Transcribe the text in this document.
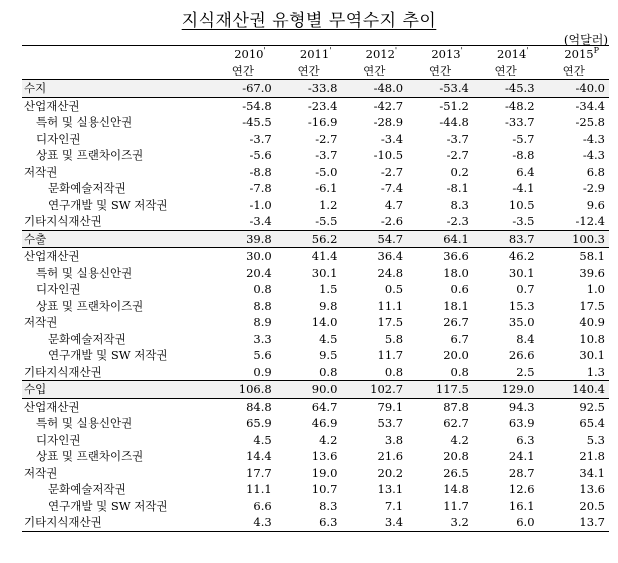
지식재산권 유형별 무역수지 추이
(억달러)
	2010'	2011'	2012'	2013'	2014'	$2015^P$
	연간	연간	연간	연간	연간	연간
수지	-67.0	-33.8	-48.0	-53.4	-45.3	-40.0
산업재산권	-54.8	-23.4	-42.7	-51.2	-48.2	-34.4
특허 및 실용신안권	-45.5	-16.9	-28.9	-44.8	-33.7	-25.8
디자인권	-3.7	-2.7	-3.4	-3.7	-5.7	-4.3
상표 및 프랜차이즈권	-5.6	-3.7	-10.5	-2.7	-8.8	-4.3
저작권	-8.8	-5.0	-2.7	0.2	6.4	6.8
문화예술저작권	-7.8	-6.1	-7.4	-8.1	-4.1	-2.9
연구개발 및 SW 저작권	-1.0	1.2	4.7	8.3	10.5	9.6
기타지식재산권	-3.4	-5.5	-2.6	-2.3	-3.5	-12.4
수출	39.8	56.2	54.7	64.1	83.7	100.3
산업재산권	30.0	41.4	36.4	36.6	46.2	58.1
특허 및 실용신안권	20.4	30.1	24.8	18.0	30.1	39.6
디자인권	0.8	1.5	0.5	0.6	0.7	1.0
상표 및 프랜차이즈권	8.8	9.8	11.1	18.1	15.3	17.5
저작권	8.9	14.0	17.5	26.7	35.0	40.9
문화예술저작권	3.3	4.5	5.8	6.7	8.4	10.8
연구개발 및 SW 저작권	5.6	9.5	11.7	20.0	26.6	30.1
기타지식재산권	0.9	0.8	0.8	0.8	2.5	1.3
수입	106.8	90.0	102.7	117.5	129.0	140.4
산업재산권	84.8	64.7	79.1	87.8	94.3	92.5
특허 및 실용신안권	65.9	46.9	53.7	62.7	63.9	65.4
디자인권	4.5	4.2	3.8	4.2	6.3	5.3
상표 및 프랜차이즈권	14.4	13.6	21.6	20.8	24.1	21.8
저작권	17.7	19.0	20.2	26.5	28.7	34.1
문화예술저작권	11.1	10.7	13.1	14.8	12.6	13.6
연구개발 및 SW 저작권	6.6	8.3	7.1	11.7	16.1	20.5
기타지식재산권	4.3	6.3	3.4	3.2	6.0	13.7
